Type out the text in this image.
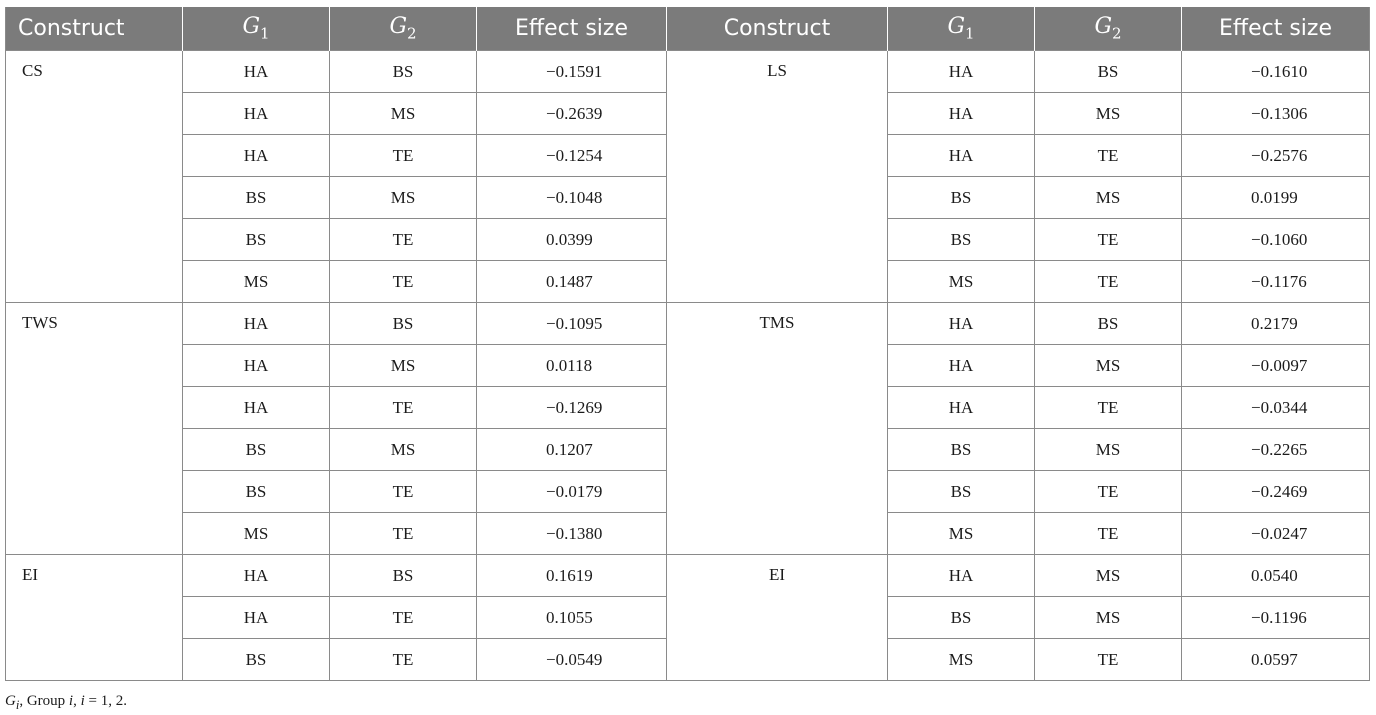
Construct	$G_1$	$G_2$	Effect size	Construct	$G_1$	$G_2$	Effect size
CS	HA	BS	−0.1591	LS	HA	BS	−0.1610
	HA	MS	−0.2639		HA	MS	−0.1306
	HA	TE	−0.1254		HA	TE	−0.2576
	BS	MS	−0.1048		BS	MS	0.0199
	BS	TE	0.0399		BS	TE	−0.1060
	MS	TE	0.1487		MS	TE	−0.1176
TWS	HA	BS	−0.1095	TMS	HA	BS	0.2179
	HA	MS	0.0118		HA	MS	−0.0097
	HA	TE	−0.1269		HA	TE	−0.0344
	BS	MS	0.1207		BS	MS	−0.2265
	BS	TE	−0.0179		BS	TE	−0.2469
	MS	TE	−0.1380		MS	TE	−0.0247
EI	HA	BS	0.1619	EI	HA	MS	0.0540
	HA	TE	0.1055		BS	MS	−0.1196
	BS	TE	−0.0549		MS	TE	0.0597
$G_i$, Group i, i = 1, 2.
